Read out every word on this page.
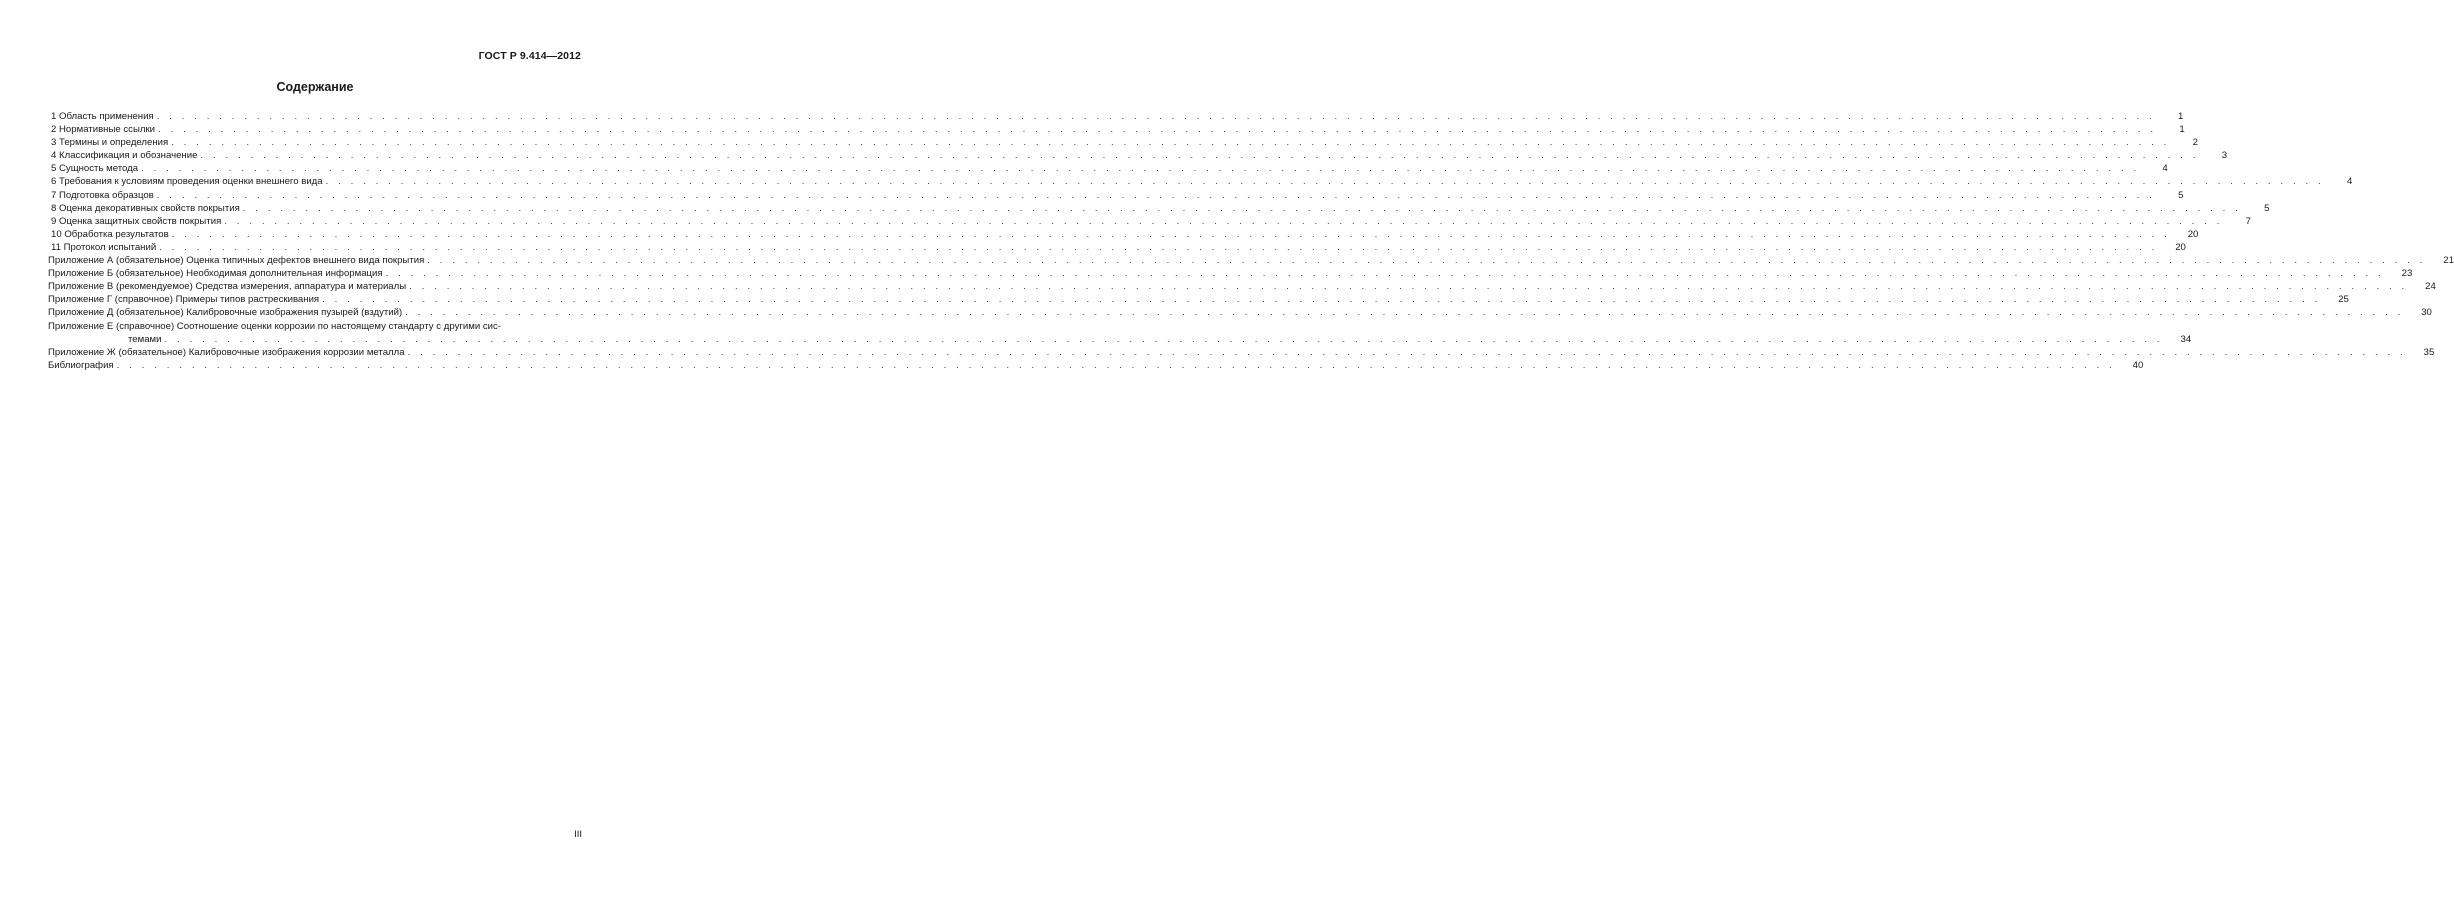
ГОСТ Р 9.414—2012
Содержание
1 Область применения . . . . . . . . . . . . . . . . . . . . . . . . . . . . . . . . . . . . . . . . . . . . . . . . . . . . . . . . . . . . . . . . . . . . . . . . . . . . . . . . . . . . . . . . . . . . . . . . . . . . . . . . . . . . . . . . . . . . . . . . . . . . . . . . . . . . . . . . . . . . . . . . . . . . . . . . . . . . . . . .	1
2 Нормативные ссылки . . . . . . . . . . . . . . . . . . . . . . . . . . . . . . . . . . . . . . . . . . . . . . . . . . . . . . . . . . . . . . . . . . . . . . . . . . . . . . . . . . . . . . . . . . . . . . . . . . . . . . . . . . . . . . . . . . . . . . . . . . . . . . . . . . . . . . . . . . . . . . . . . . . . . . . . . . . . . . . .	1
3 Термины и определения . . . . . . . . . . . . . . . . . . . . . . . . . . . . . . . . . . . . . . . . . . . . . . . . . . . . . . . . . . . . . . . . . . . . . . . . . . . . . . . . . . . . . . . . . . . . . . . . . . . . . . . . . . . . . . . . . . . . . . . . . . . . . . . . . . . . . . . . . . . . . . . . . . . . . . . . . . . . . . . .	2
4 Классификация и обозначение . . . . . . . . . . . . . . . . . . . . . . . . . . . . . . . . . . . . . . . . . . . . . . . . . . . . . . . . . . . . . . . . . . . . . . . . . . . . . . . . . . . . . . . . . . . . . . . . . . . . . . . . . . . . . . . . . . . . . . . . . . . . . . . . . . . . . . . . . . . . . . . . . . . . . . . . . . . . . . . .	3
5 Сущность метода . . . . . . . . . . . . . . . . . . . . . . . . . . . . . . . . . . . . . . . . . . . . . . . . . . . . . . . . . . . . . . . . . . . . . . . . . . . . . . . . . . . . . . . . . . . . . . . . . . . . . . . . . . . . . . . . . . . . . . . . . . . . . . . . . . . . . . . . . . . . . . . . . . . . . . . . . . . . . . . .	4
6 Требования к условиям проведения оценки внешнего вида . . . . . . . . . . . . . . . . . . . . . . . . . . . . . . . . . . . . . . . . . . . . . . . . . . . . . . . . . . . . . . . . . . . . . . . . . . . . . . . . . . . . . . . . . . . . . . . . . . . . . . . . . . . . . . . . . . . . . . . . . . . . . . . . . . . . . . . . . . . . . . . . . . . . . . . . . . . . . . . .	4
7 Подготовка образцов . . . . . . . . . . . . . . . . . . . . . . . . . . . . . . . . . . . . . . . . . . . . . . . . . . . . . . . . . . . . . . . . . . . . . . . . . . . . . . . . . . . . . . . . . . . . . . . . . . . . . . . . . . . . . . . . . . . . . . . . . . . . . . . . . . . . . . . . . . . . . . . . . . . . . . . . . . . . . . . .	5
8 Оценка декоративных свойств покрытия . . . . . . . . . . . . . . . . . . . . . . . . . . . . . . . . . . . . . . . . . . . . . . . . . . . . . . . . . . . . . . . . . . . . . . . . . . . . . . . . . . . . . . . . . . . . . . . . . . . . . . . . . . . . . . . . . . . . . . . . . . . . . . . . . . . . . . . . . . . . . . . . . . . . . . . . . . . . . . . .	5
9 Оценка защитных свойств покрытия . . . . . . . . . . . . . . . . . . . . . . . . . . . . . . . . . . . . . . . . . . . . . . . . . . . . . . . . . . . . . . . . . . . . . . . . . . . . . . . . . . . . . . . . . . . . . . . . . . . . . . . . . . . . . . . . . . . . . . . . . . . . . . . . . . . . . . . . . . . . . . . . . . . . . . . . . . . . . . . .	7
10 Обработка результатов . . . . . . . . . . . . . . . . . . . . . . . . . . . . . . . . . . . . . . . . . . . . . . . . . . . . . . . . . . . . . . . . . . . . . . . . . . . . . . . . . . . . . . . . . . . . . . . . . . . . . . . . . . . . . . . . . . . . . . . . . . . . . . . . . . . . . . . . . . . . . . . . . . . . . . . . . . . . . . . .	20
11 Протокол испытаний . . . . . . . . . . . . . . . . . . . . . . . . . . . . . . . . . . . . . . . . . . . . . . . . . . . . . . . . . . . . . . . . . . . . . . . . . . . . . . . . . . . . . . . . . . . . . . . . . . . . . . . . . . . . . . . . . . . . . . . . . . . . . . . . . . . . . . . . . . . . . . . . . . . . . . . . . . . . . . . .	20
Приложение А (обязательное) Оценка типичных дефектов внешнего вида покрытия . . . . . . . . . . . . . . . . . . . . . . . . . . . . . . . . . . . . . . . . . . . . . . . . . . . . . . . . . . . . . . . . . . . . . . . . . . . . . . . . . . . . . . . . . . . . . . . . . . . . . . . . . . . . . . . . . . . . . . . . . . . . . . . . . . . . . . . . . . . . . . . . . . . . . . . . . . . . . . . .	21
Приложение Б (обязательное) Необходимая дополнительная информация . . . . . . . . . . . . . . . . . . . . . . . . . . . . . . . . . . . . . . . . . . . . . . . . . . . . . . . . . . . . . . . . . . . . . . . . . . . . . . . . . . . . . . . . . . . . . . . . . . . . . . . . . . . . . . . . . . . . . . . . . . . . . . . . . . . . . . . . . . . . . . . . . . . . . . . . . . . . . . . .	23
Приложение В (рекомендуемое) Средства измерения, аппаратура и материалы . . . . . . . . . . . . . . . . . . . . . . . . . . . . . . . . . . . . . . . . . . . . . . . . . . . . . . . . . . . . . . . . . . . . . . . . . . . . . . . . . . . . . . . . . . . . . . . . . . . . . . . . . . . . . . . . . . . . . . . . . . . . . . . . . . . . . . . . . . . . . . . . . . . . . . . . . . . . . . . .	24
Приложение Г (справочное) Примеры типов растрескивания . . . . . . . . . . . . . . . . . . . . . . . . . . . . . . . . . . . . . . . . . . . . . . . . . . . . . . . . . . . . . . . . . . . . . . . . . . . . . . . . . . . . . . . . . . . . . . . . . . . . . . . . . . . . . . . . . . . . . . . . . . . . . . . . . . . . . . . . . . . . . . . . . . . . . . . . . . . . . . . .	25
Приложение Д (обязательное) Калибровочные изображения пузырей (вздутий) . . . . . . . . . . . . . . . . . . . . . . . . . . . . . . . . . . . . . . . . . . . . . . . . . . . . . . . . . . . . . . . . . . . . . . . . . . . . . . . . . . . . . . . . . . . . . . . . . . . . . . . . . . . . . . . . . . . . . . . . . . . . . . . . . . . . . . . . . . . . . . . . . . . . . . . . . . . . . . . .	30
Приложение Е (справочное) Соотношение оценки коррозии по настоящему стандарту с другими сис-
темами . . . . . . . . . . . . . . . . . . . . . . . . . . . . . . . . . . . . . . . . . . . . . . . . . . . . . . . . . . . . . . . . . . . . . . . . . . . . . . . . . . . . . . . . . . . . . . . . . . . . . . . . . . . . . . . . . . . . . . . . . . . . . . . . . . . . . . . . . . . . . . . . . . . . . . . . . . . . . . . .	34
Приложение Ж (обязательное) Калибровочные изображения коррозии металла . . . . . . . . . . . . . . . . . . . . . . . . . . . . . . . . . . . . . . . . . . . . . . . . . . . . . . . . . . . . . . . . . . . . . . . . . . . . . . . . . . . . . . . . . . . . . . . . . . . . . . . . . . . . . . . . . . . . . . . . . . . . . . . . . . . . . . . . . . . . . . . . . . . . . . . . . . . . . . . .	35
Библиография . . . . . . . . . . . . . . . . . . . . . . . . . . . . . . . . . . . . . . . . . . . . . . . . . . . . . . . . . . . . . . . . . . . . . . . . . . . . . . . . . . . . . . . . . . . . . . . . . . . . . . . . . . . . . . . . . . . . . . . . . . . . . . . . . . . . . . . . . . . . . . . . . . . . . . . . . . . . . . . .	40
III
